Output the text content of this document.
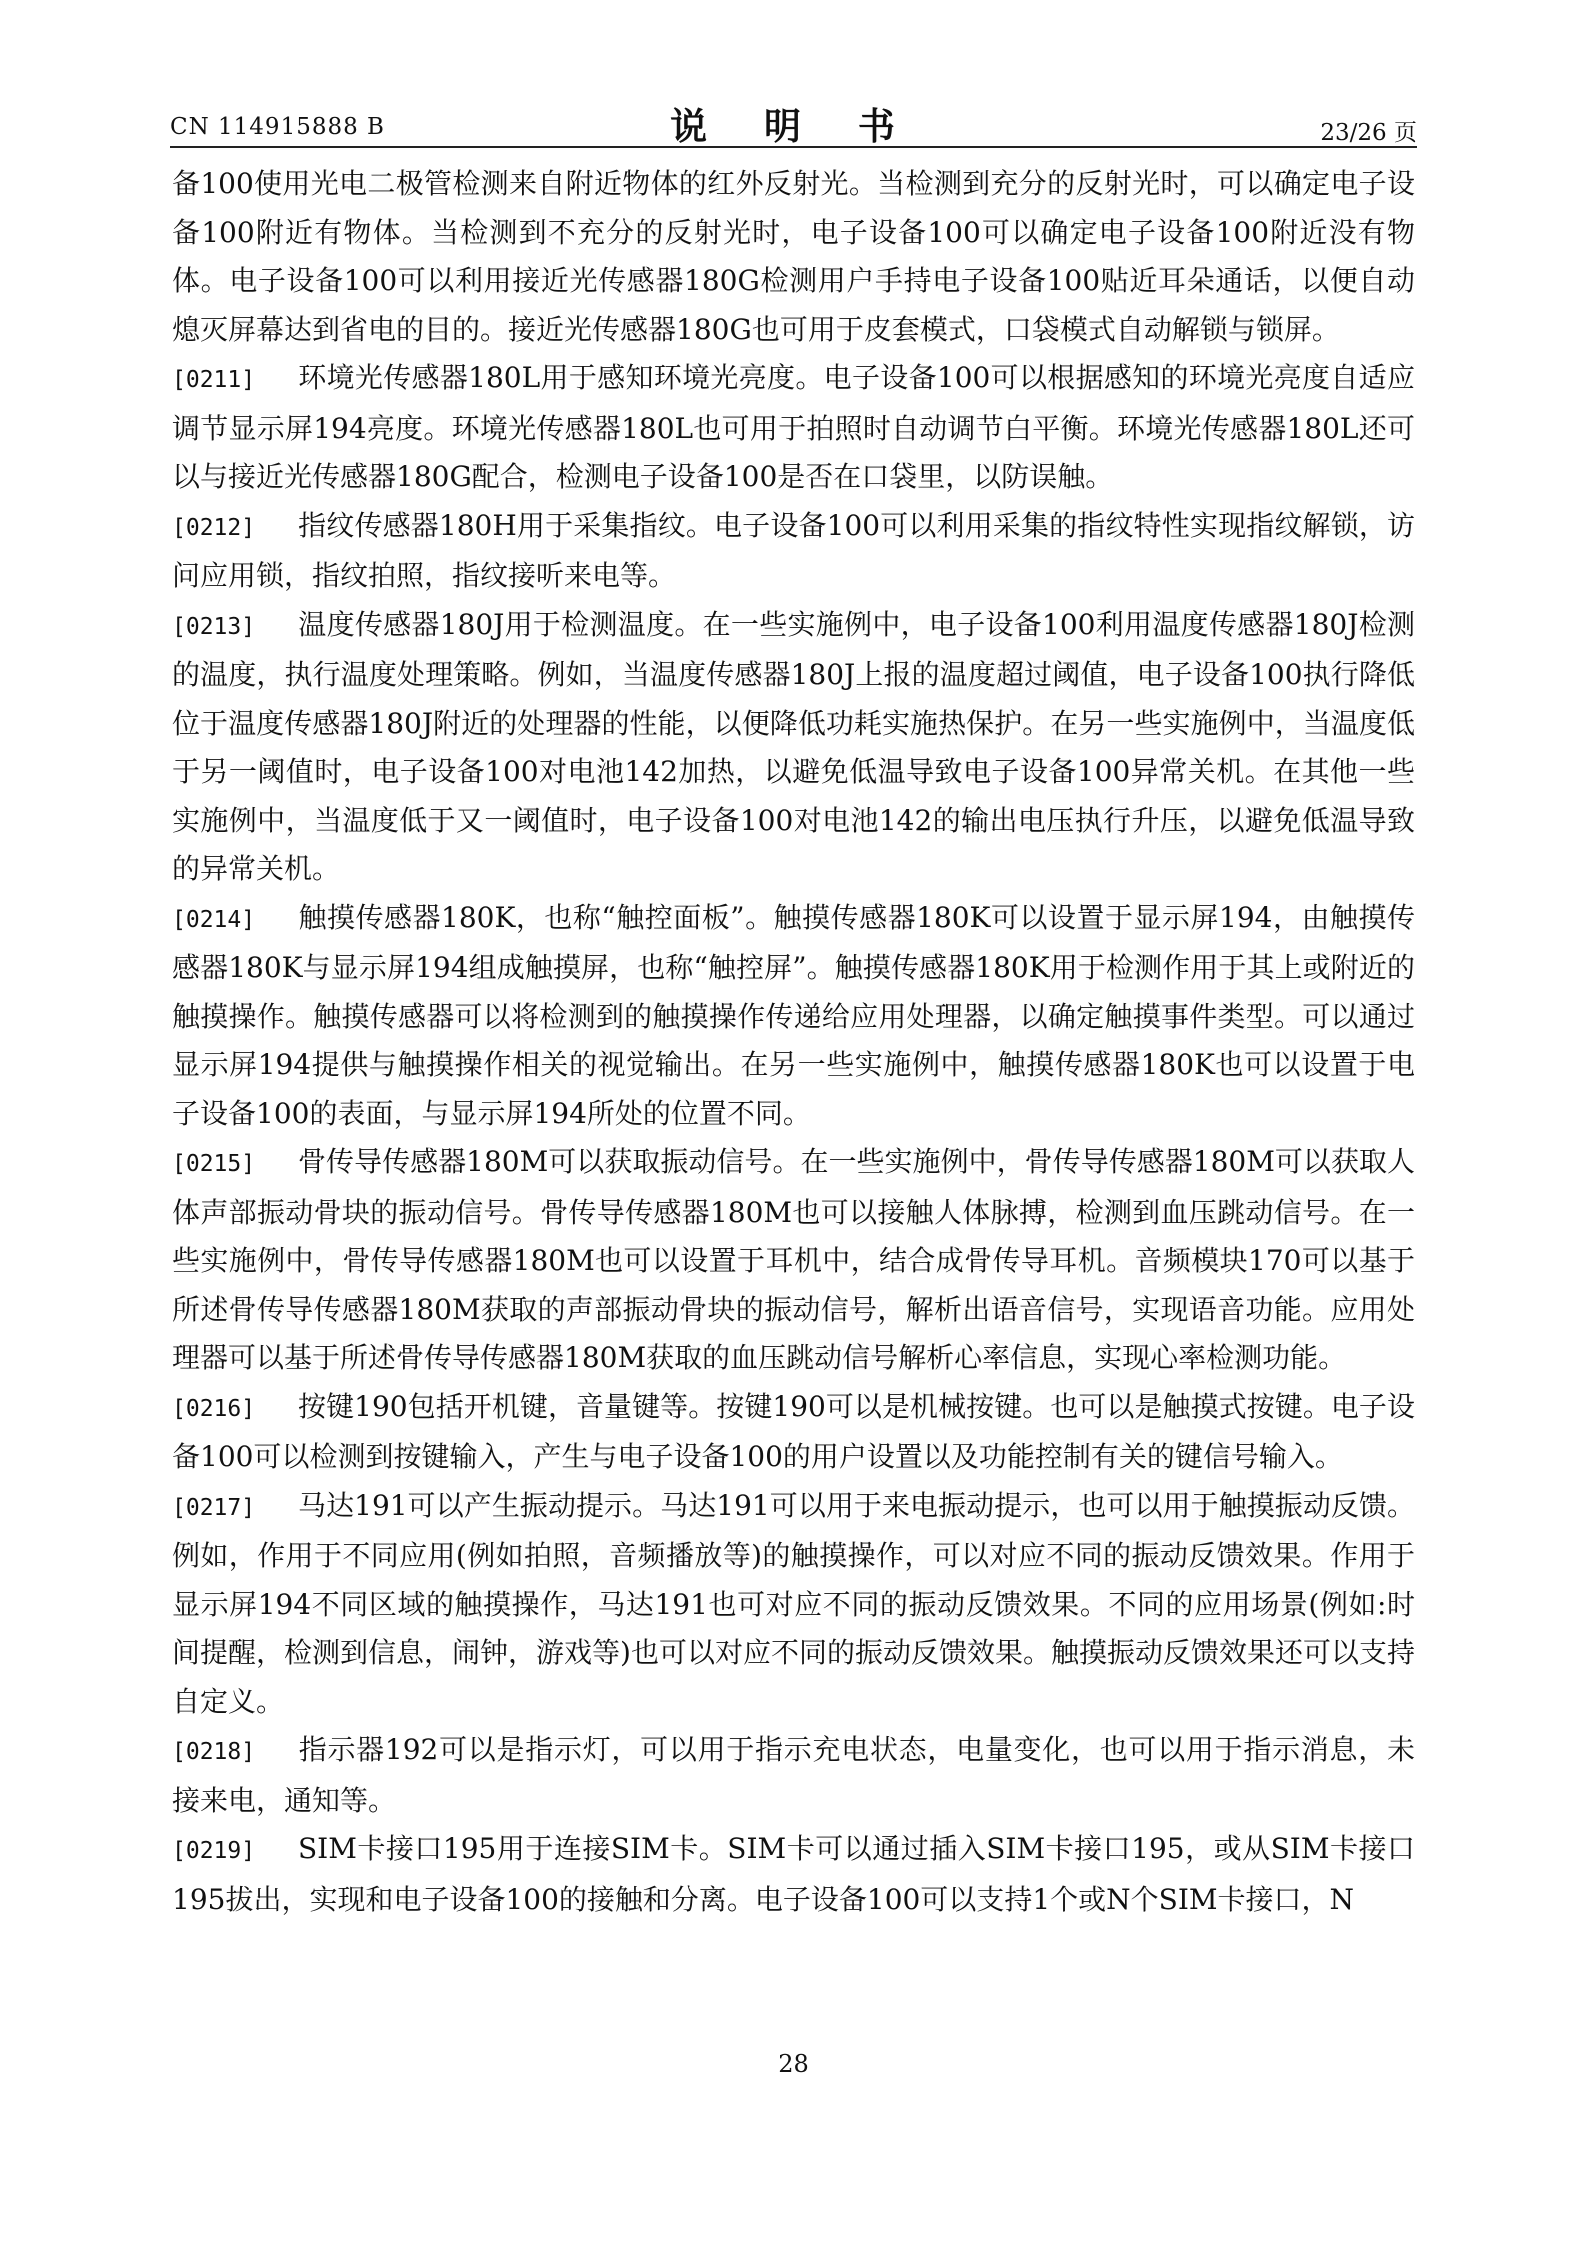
CN 114915888 B	说 明 书	23/26 页

备100使用光电二极管检测来自附近物体的红外反射光。当检测到充分的反射光时，可以确定电子设备100附近有物体。当检测到不充分的反射光时，电子设备100可以确定电子设备100附近没有物体。电子设备100可以利用接近光传感器180G检测用户手持电子设备100贴近耳朵通话，以便自动熄灭屏幕达到省电的目的。接近光传感器180G也可用于皮套模式，口袋模式自动解锁与锁屏。

[0211] 环境光传感器180L用于感知环境光亮度。电子设备100可以根据感知的环境光亮度自适应调节显示屏194亮度。环境光传感器180L也可用于拍照时自动调节白平衡。环境光传感器180L还可以与接近光传感器180G配合，检测电子设备100是否在口袋里，以防误触。

[0212] 指纹传感器180H用于采集指纹。电子设备100可以利用采集的指纹特性实现指纹解锁，访问应用锁，指纹拍照，指纹接听来电等。

[0213] 温度传感器180J用于检测温度。在一些实施例中，电子设备100利用温度传感器180J检测的温度，执行温度处理策略。例如，当温度传感器180J上报的温度超过阈值，电子设备100执行降低位于温度传感器180J附近的处理器的性能，以便降低功耗实施热保护。在另一些实施例中，当温度低于另一阈值时，电子设备100对电池142加热，以避免低温导致电子设备100异常关机。在其他一些实施例中，当温度低于又一阈值时，电子设备100对电池142的输出电压执行升压，以避免低温导致的异常关机。

[0214] 触摸传感器180K，也称“触控面板”。触摸传感器180K可以设置于显示屏194，由触摸传感器180K与显示屏194组成触摸屏，也称“触控屏”。触摸传感器180K用于检测作用于其上或附近的触摸操作。触摸传感器可以将检测到的触摸操作传递给应用处理器，以确定触摸事件类型。可以通过显示屏194提供与触摸操作相关的视觉输出。在另一些实施例中，触摸传感器180K也可以设置于电子设备100的表面，与显示屏194所处的位置不同。

[0215] 骨传导传感器180M可以获取振动信号。在一些实施例中，骨传导传感器180M可以获取人体声部振动骨块的振动信号。骨传导传感器180M也可以接触人体脉搏，检测到血压跳动信号。在一些实施例中，骨传导传感器180M也可以设置于耳机中，结合成骨传导耳机。音频模块170可以基于所述骨传导传感器180M获取的声部振动骨块的振动信号，解析出语音信号，实现语音功能。应用处理器可以基于所述骨传导传感器180M获取的血压跳动信号解析心率信息，实现心率检测功能。

[0216] 按键190包括开机键，音量键等。按键190可以是机械按键。也可以是触摸式按键。电子设备100可以检测到按键输入，产生与电子设备100的用户设置以及功能控制有关的键信号输入。

[0217] 马达191可以产生振动提示。马达191可以用于来电振动提示，也可以用于触摸振动反馈。例如，作用于不同应用(例如拍照，音频播放等)的触摸操作，可以对应不同的振动反馈效果。作用于显示屏194不同区域的触摸操作，马达191也可对应不同的振动反馈效果。不同的应用场景(例如:时间提醒，检测到信息，闹钟，游戏等)也可以对应不同的振动反馈效果。触摸振动反馈效果还可以支持自定义。

[0218] 指示器192可以是指示灯，可以用于指示充电状态，电量变化，也可以用于指示消息，未接来电，通知等。

[0219] SIM卡接口195用于连接SIM卡。SIM卡可以通过插入SIM卡接口195，或从SIM卡接口195拔出，实现和电子设备100的接触和分离。电子设备100可以支持1个或N个SIM卡接口，N

28
